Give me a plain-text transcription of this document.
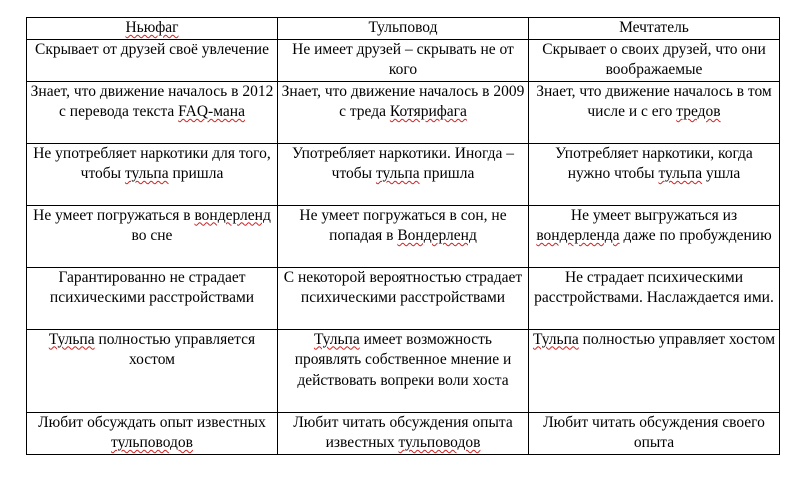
Ньюфаг	Тульповод	Мечтатель
Скрывает от друзей своё увлечение	Не имеет друзей – скрывать не от кого	Скрывает о своих друзей, что они воображаемые
Знает, что движение началось в 2012 с перевода текста FAQ-мана	Знает, что движение началось в 2009 с треда Котярифага	Знает, что движение началось в том числе и с его тредов
Не употребляет наркотики для того, чтобы тульпа пришла	Употребляет наркотики. Иногда – чтобы тульпа пришла	Употребляет наркотики, когда нужно чтобы тульпа ушла
Не умеет погружаться в вондерленд во сне	Не умеет погружаться в сон, не попадая в Вондерленд	Не умеет выгружаться из вондерленда даже по пробуждению
Гарантированно не страдает психическими расстройствами	С некоторой вероятностью страдает психическими расстройствами	Не страдает психическими расстройствами. Наслаждается ими.
Тульпа полностью управляется хостом	Тульпа имеет возможность проявлять собственное мнение и действовать вопреки воли хоста	Тульпа полностью управляет хостом
Любит обсуждать опыт известных тульповодов	Любит читать обсуждения опыта известных тульповодов	Любит читать обсуждения своего опыта
